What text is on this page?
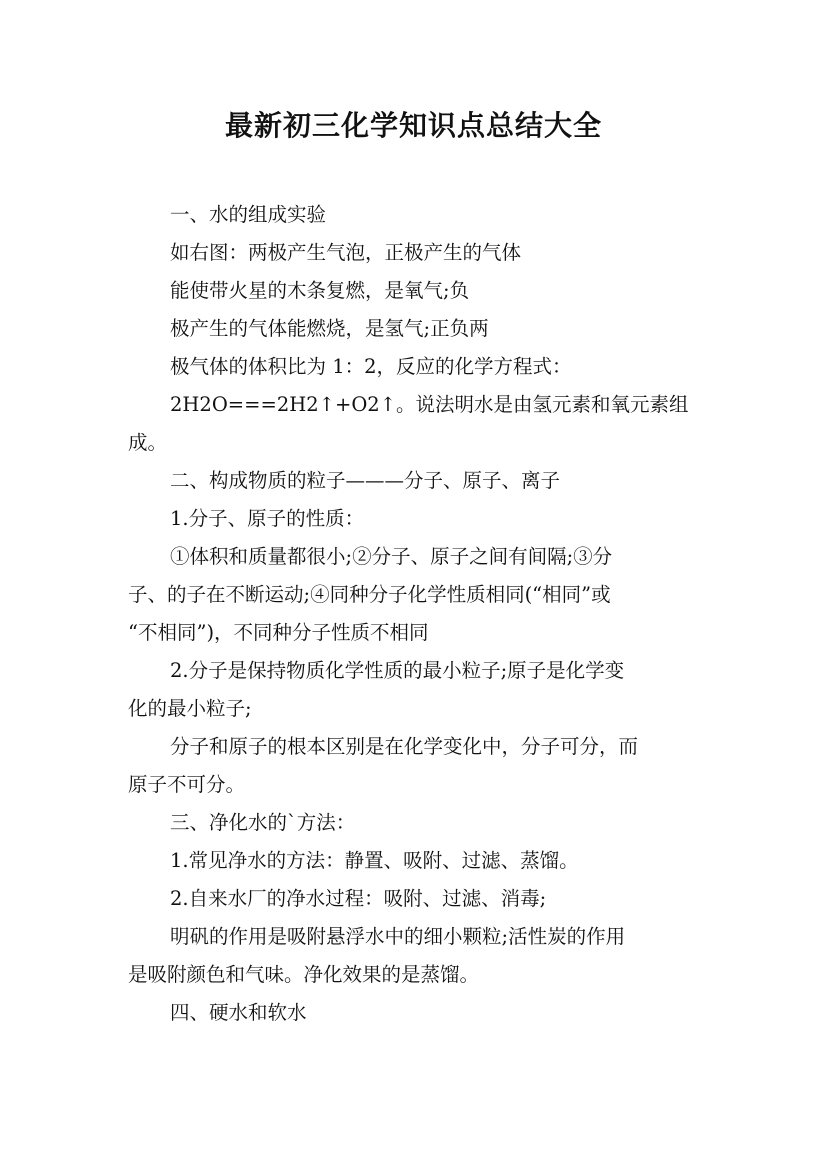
最新初三化学知识点总结大全
一、水的组成实验
如右图：两极产生气泡，正极产生的气体
能使带火星的木条复燃，是氧气;负
极产生的气体能燃烧，是氢气;正负两
极气体的体积比为 1：2，反应的化学方程式：
2H2O===2H2↑+O2↑。说法明水是由氢元素和氧元素组
成。
二、构成物质的粒子———分子、原子、离子
1.分子、原子的性质：
①体积和质量都很小;②分子、原子之间有间隔;③分
子、的子在不断运动;④同种分子化学性质相同(“相同”或
“不相同”)，不同种分子性质不相同
2.分子是保持物质化学性质的最小粒子;原子是化学变
化的最小粒子;
分子和原子的根本区别是在化学变化中，分子可分，而
原子不可分。
三、净化水的`方法：
1.常见净水的方法：静置、吸附、过滤、蒸馏。
2.自来水厂的净水过程：吸附、过滤、消毒;
明矾的作用是吸附悬浮水中的细小颗粒;活性炭的作用
是吸附颜色和气味。净化效果的是蒸馏。
四、硬水和软水
